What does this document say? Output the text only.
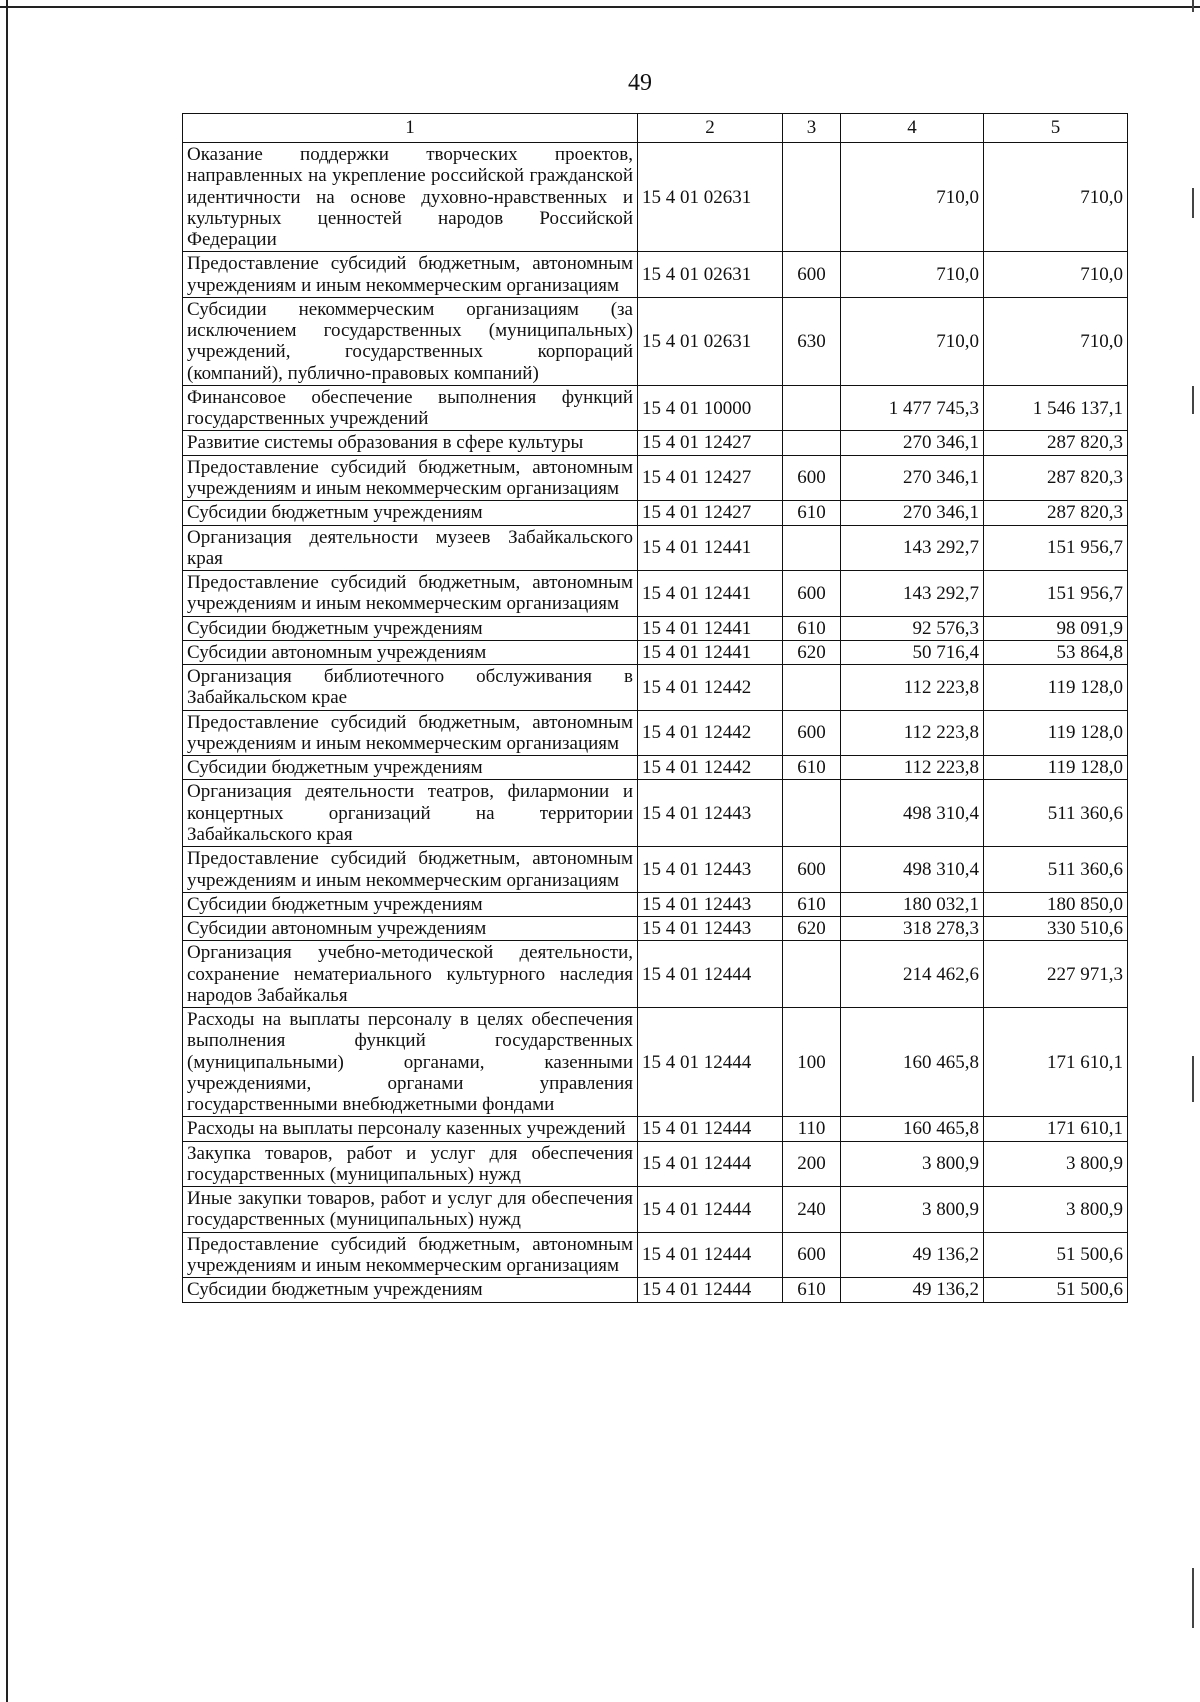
49
1	2	3	4	5
Оказание поддержки творческих проектов, направленных на укрепление российской гражданской идентичности на основе духовно-нравственных и культурных ценностей народов Российской Федерации	15 4 01 02631		710,0	710,0
Предоставление субсидий бюджетным, автономным учреждениям и иным некоммерческим организациям	15 4 01 02631	600	710,0	710,0
Субсидии некоммерческим организациям (за исключением государственных (муниципальных) учреждений, государственных корпораций (компаний), публично-правовых компаний)	15 4 01 02631	630	710,0	710,0
Финансовое обеспечение выполнения функций государственных учреждений	15 4 01 10000		1 477 745,3	1 546 137,1
Развитие системы образования в сфере культуры	15 4 01 12427		270 346,1	287 820,3
Предоставление субсидий бюджетным, автономным учреждениям и иным некоммерческим организациям	15 4 01 12427	600	270 346,1	287 820,3
Субсидии бюджетным учреждениям	15 4 01 12427	610	270 346,1	287 820,3
Организация деятельности музеев Забайкальского края	15 4 01 12441		143 292,7	151 956,7
Предоставление субсидий бюджетным, автономным учреждениям и иным некоммерческим организациям	15 4 01 12441	600	143 292,7	151 956,7
Субсидии бюджетным учреждениям	15 4 01 12441	610	92 576,3	98 091,9
Субсидии автономным учреждениям	15 4 01 12441	620	50 716,4	53 864,8
Организация библиотечного обслуживания в Забайкальском крае	15 4 01 12442		112 223,8	119 128,0
Предоставление субсидий бюджетным, автономным учреждениям и иным некоммерческим организациям	15 4 01 12442	600	112 223,8	119 128,0
Субсидии бюджетным учреждениям	15 4 01 12442	610	112 223,8	119 128,0
Организация деятельности театров, филармонии и концертных организаций на территории Забайкальского края	15 4 01 12443		498 310,4	511 360,6
Предоставление субсидий бюджетным, автономным учреждениям и иным некоммерческим организациям	15 4 01 12443	600	498 310,4	511 360,6
Субсидии бюджетным учреждениям	15 4 01 12443	610	180 032,1	180 850,0
Субсидии автономным учреждениям	15 4 01 12443	620	318 278,3	330 510,6
Организация учебно-методической деятельности, сохранение нематериального культурного наследия народов Забайкалья	15 4 01 12444		214 462,6	227 971,3
Расходы на выплаты персоналу в целях обеспечения выполнения функций государственных (муниципальными) органами, казенными учреждениями, органами управления государственными внебюджетными фондами	15 4 01 12444	100	160 465,8	171 610,1
Расходы на выплаты персоналу казенных учреждений	15 4 01 12444	110	160 465,8	171 610,1
Закупка товаров, работ и услуг для обеспечения государственных (муниципальных) нужд	15 4 01 12444	200	3 800,9	3 800,9
Иные закупки товаров, работ и услуг для обеспечения государственных (муниципальных) нужд	15 4 01 12444	240	3 800,9	3 800,9
Предоставление субсидий бюджетным, автономным учреждениям и иным некоммерческим организациям	15 4 01 12444	600	49 136,2	51 500,6
Субсидии бюджетным учреждениям	15 4 01 12444	610	49 136,2	51 500,6
